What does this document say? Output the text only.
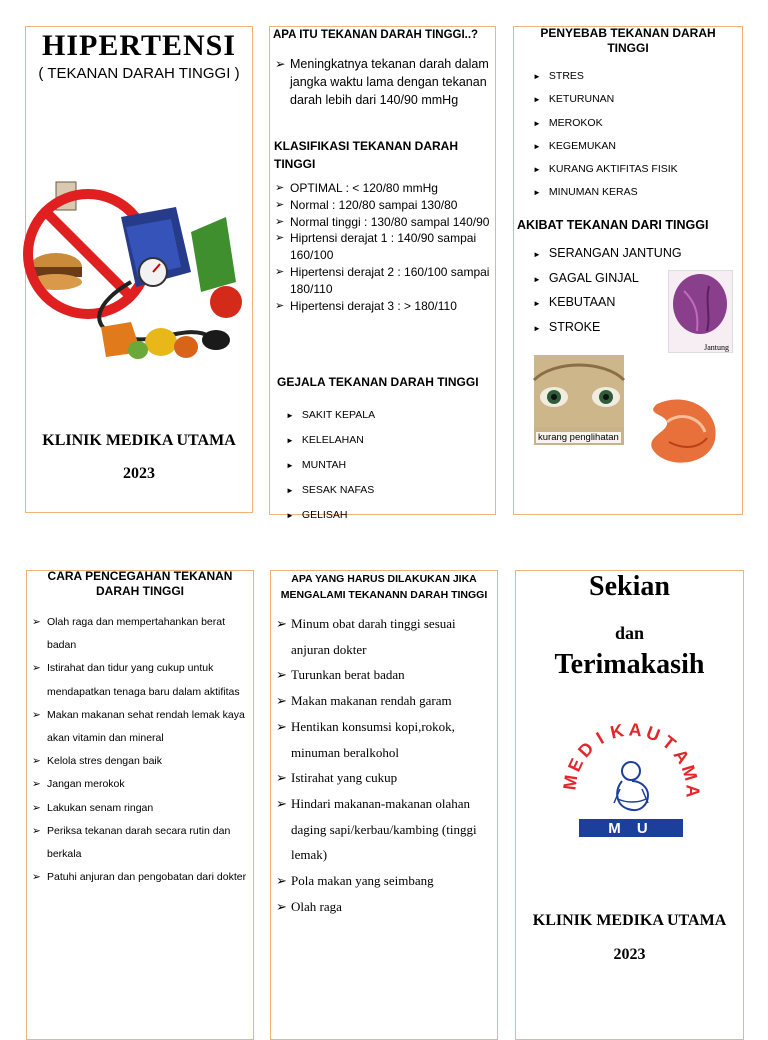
HIPERTENSI
( TEKANAN DARAH TINGGI )
KLINIK MEDIKA UTAMA
2023
APA ITU TEKANAN DARAH TINGGI..?
➢ Meningkatnya tekanan darah dalam jangka waktu lama dengan tekanan darah lebih dari 140/90 mmHg
KLASIFIKASI TEKANAN DARAH TINGGI
➢ OPTIMAL : < 120/80 mmHg
➢ Normal : 120/80 sampai 130/80
➢ Normal tinggi : 130/80 sampal 140/90
➢ Hiprtensi derajat 1 : 140/90 sampai 160/100
➢ Hipertensi derajat 2 : 160/100 sampai 180/110
➢ Hipertensi derajat 3 : > 180/110
GEJALA TEKANAN DARAH TINGGI
► SAKIT KEPALA
► KELELAHAN
► MUNTAH
► SESAK NAFAS
► GELISAH
PENYEBAB TEKANAN DARAH TINGGI
► STRES
► KETURUNAN
► MEROKOK
► KEGEMUKAN
► KURANG AKTIFITAS FISIK
► MINUMAN KERAS
AKIBAT TEKANAN DARI TINGGI
► SERANGAN JANTUNG
► GAGAL GINJAL
► KEBUTAAN
► STROKE
Jantung
kurang penglihatan
CARA PENCEGAHAN TEKANAN DARAH TINGGI
➢ Olah raga dan mempertahankan berat badan
➢ Istirahat dan tidur yang cukup untuk mendapatkan tenaga baru dalam aktifitas
➢ Makan makanan sehat rendah lemak kaya akan vitamin dan mineral
➢ Kelola stres dengan baik
➢ Jangan merokok
➢ Lakukan senam ringan
➢ Periksa tekanan darah secara rutin dan berkala
➢ Patuhi anjuran dan pengobatan dari dokter
APA YANG HARUS DILAKUKAN JIKA MENGALAMI TEKANANN DARAH TINGGI
➢ Minum obat darah tinggi sesuai anjuran dokter
➢ Turunkan berat badan
➢ Makan makanan rendah garam
➢ Hentikan konsumsi kopi,rokok, minuman beralkohol
➢ Istirahat yang cukup
➢ Hindari makanan-makanan olahan daging sapi/kerbau/kambing (tinggi lemak)
➢ Pola makan yang seimbang
➢ Olah raga
Sekian
dan
Terimakasih
M U
M
E
D
I K A U
T
A
M
A
KLINIK MEDIKA UTAMA
2023
